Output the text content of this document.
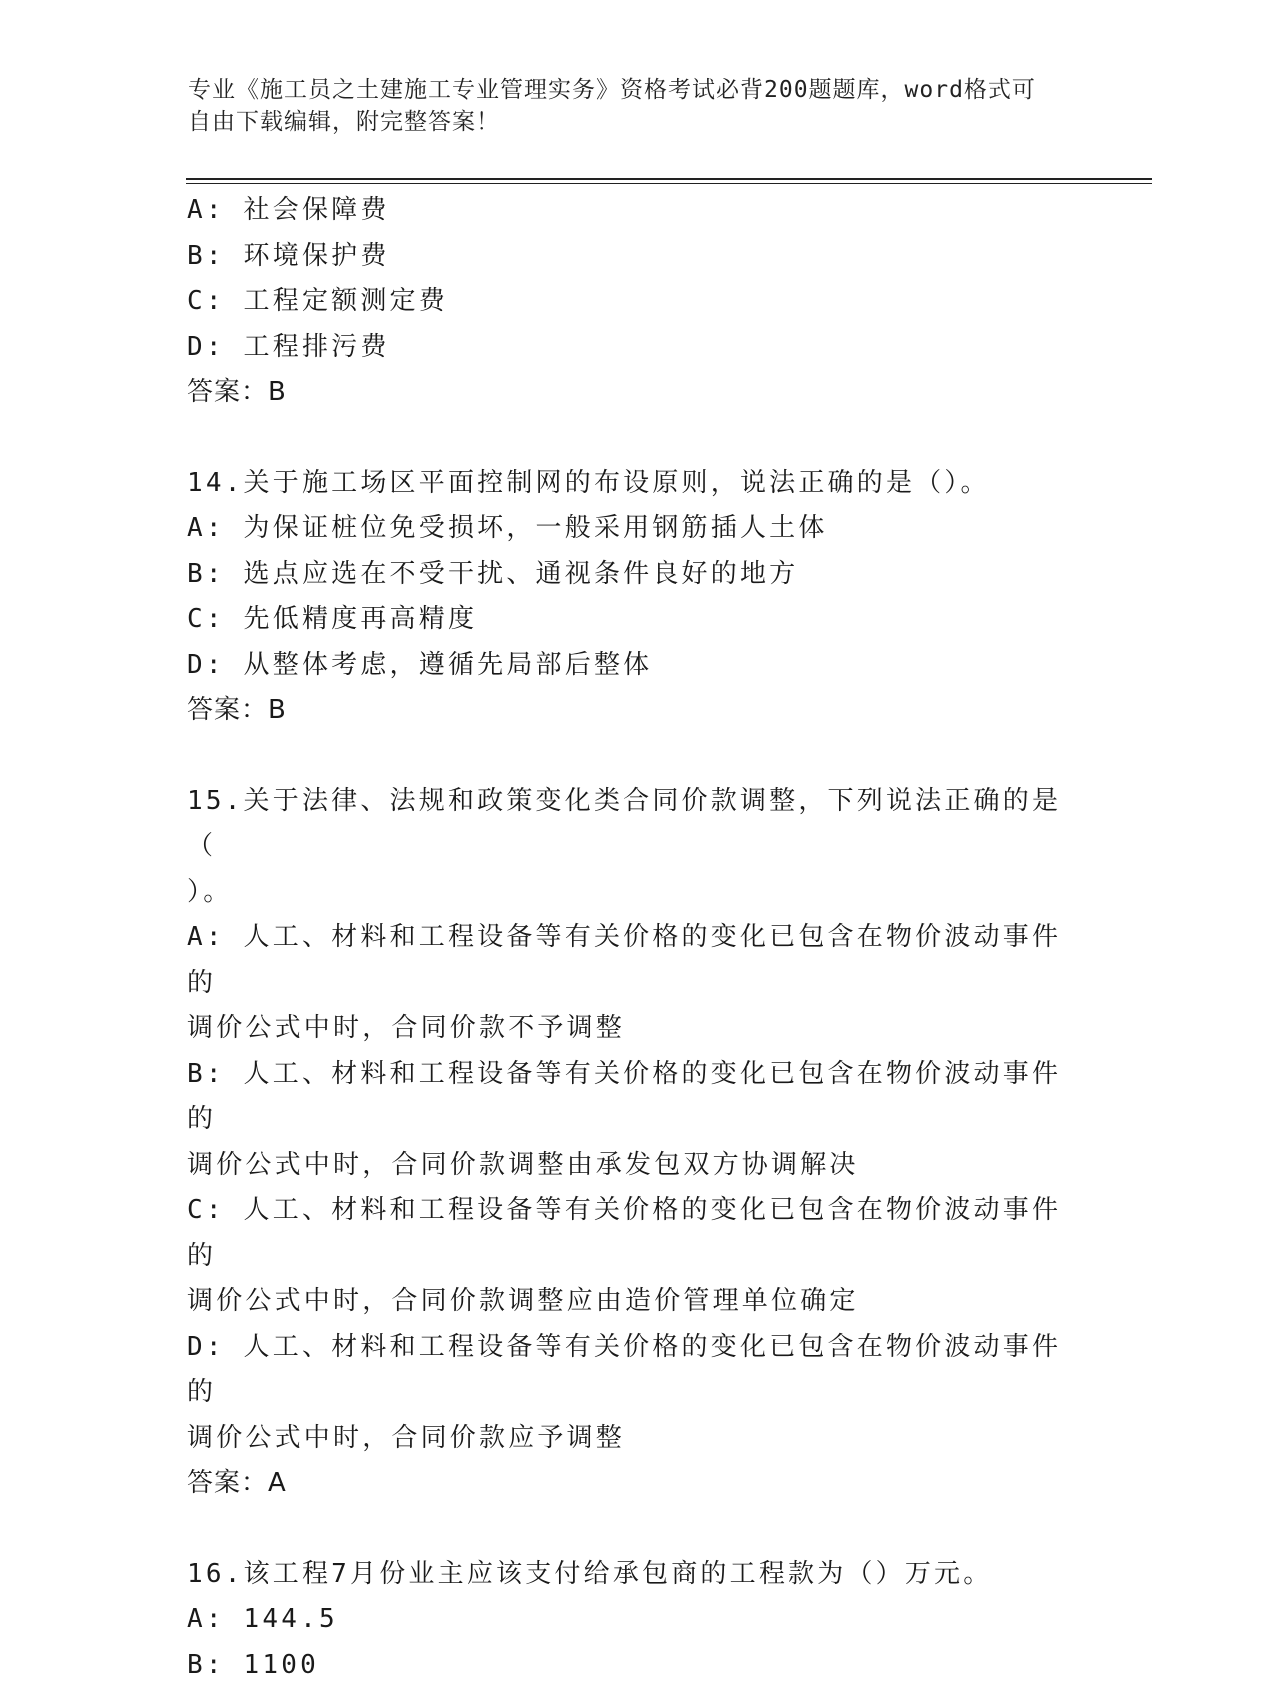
专业《施工员之土建施工专业管理实务》资格考试必背200题题库，word格式可
自由下载编辑，附完整答案！
A: 社会保障费
B: 环境保护费
C: 工程定额测定费
D: 工程排污费
答案：B
14.关于施工场区平面控制网的布设原则，说法正确的是（）。
A: 为保证桩位免受损坏，一般采用钢筋插人土体
B: 选点应选在不受干扰、通视条件良好的地方
C: 先低精度再高精度
D: 从整体考虑，遵循先局部后整体
答案：B
15.关于法律、法规和政策变化类合同价款调整，下列说法正确的是（
）。
A: 人工、材料和工程设备等有关价格的变化已包含在物价波动事件的
调价公式中时，合同价款不予调整
B: 人工、材料和工程设备等有关价格的变化已包含在物价波动事件的
调价公式中时，合同价款调整由承发包双方协调解决
C: 人工、材料和工程设备等有关价格的变化已包含在物价波动事件的
调价公式中时，合同价款调整应由造价管理单位确定
D: 人工、材料和工程设备等有关价格的变化已包含在物价波动事件的
调价公式中时，合同价款应予调整
答案：A
16.该工程7月份业主应该支付给承包商的工程款为（）万元。
A: 144.5
B: 1100
